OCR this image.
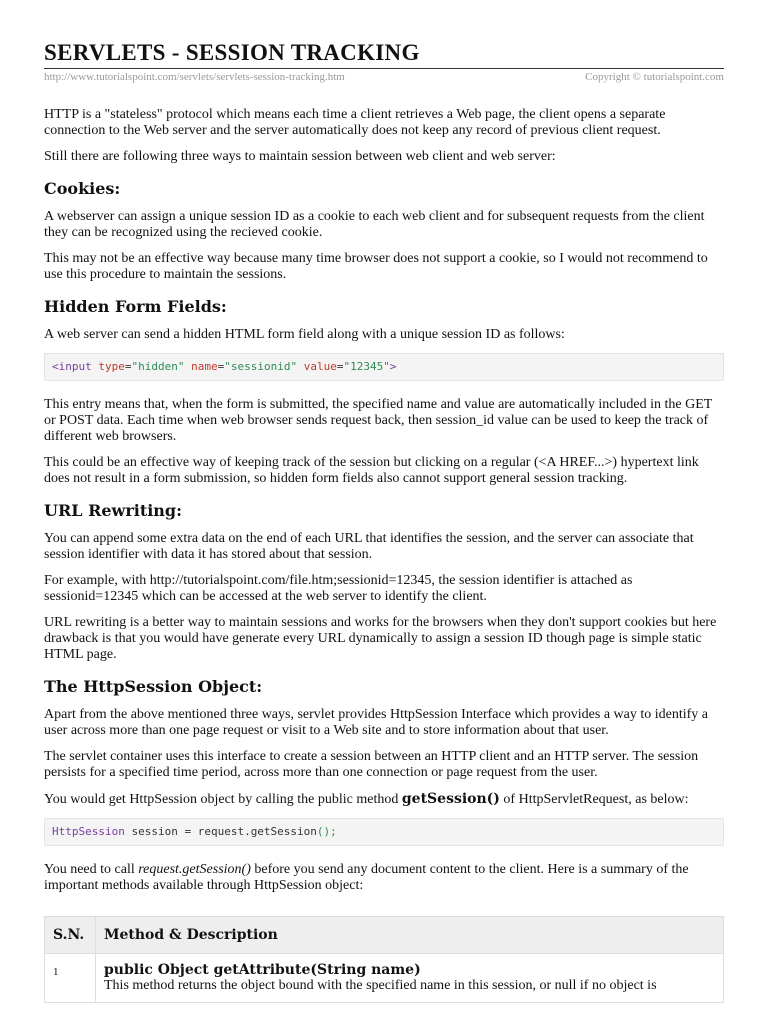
SERVLETS - SESSION TRACKING
http://www.tutorialspoint.com/servlets/servlets-session-tracking.htm	Copyright © tutorialspoint.com

HTTP is a "stateless" protocol which means each time a client retrieves a Web page, the client opens a separate connection to the Web server and the server automatically does not keep any record of previous client request.

Still there are following three ways to maintain session between web client and web server:

Cookies:

A webserver can assign a unique session ID as a cookie to each web client and for subsequent requests from the client they can be recognized using the recieved cookie.

This may not be an effective way because many time browser does not support a cookie, so I would not recommend to use this procedure to maintain the sessions.

Hidden Form Fields:

A web server can send a hidden HTML form field along with a unique session ID as follows:

<input type="hidden" name="sessionid" value="12345">

This entry means that, when the form is submitted, the specified name and value are automatically included in the GET or POST data. Each time when web browser sends request back, then session_id value can be used to keep the track of different web browsers.

This could be an effective way of keeping track of the session but clicking on a regular (<A HREF...>) hypertext link does not result in a form submission, so hidden form fields also cannot support general session tracking.

URL Rewriting:

You can append some extra data on the end of each URL that identifies the session, and the server can associate that session identifier with data it has stored about that session.

For example, with http://tutorialspoint.com/file.htm;sessionid=12345, the session identifier is attached as sessionid=12345 which can be accessed at the web server to identify the client.

URL rewriting is a better way to maintain sessions and works for the browsers when they don't support cookies but here drawback is that you would have generate every URL dynamically to assign a session ID though page is simple static HTML page.

The HttpSession Object:

Apart from the above mentioned three ways, servlet provides HttpSession Interface which provides a way to identify a user across more than one page request or visit to a Web site and to store information about that user.

The servlet container uses this interface to create a session between an HTTP client and an HTTP server. The session persists for a specified time period, across more than one connection or page request from the user.

You would get HttpSession object by calling the public method getSession() of HttpServletRequest, as below:

HttpSession session = request.getSession();

You need to call request.getSession() before you send any document content to the client. Here is a summary of the important methods available through HttpSession object:

S.N.	Method & Description
1	public Object getAttribute(String name)
This method returns the object bound with the specified name in this session, or null if no object is
